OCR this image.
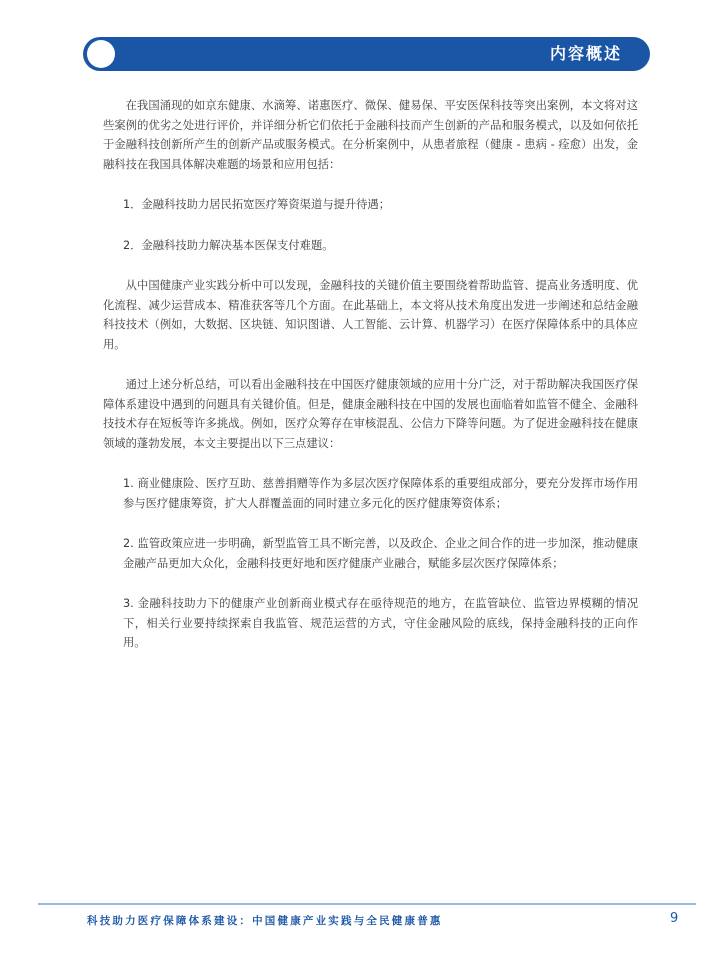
内容概述

在我国涌现的如京东健康、水滴筹、诺惠医疗、微保、健易保、平安医保科技等突出案例，本文将对这些案例的优劣之处进行评价，并详细分析它们依托于金融科技而产生创新的产品和服务模式，以及如何依托于金融科技创新所产生的创新产品或服务模式。在分析案例中，从患者旅程（健康 - 患病 - 痊愈）出发，金融科技在我国具体解决难题的场景和应用包括：

1．金融科技助力居民拓宽医疗筹资渠道与提升待遇；

2．金融科技助力解决基本医保支付难题。

从中国健康产业实践分析中可以发现，金融科技的关键价值主要围绕着帮助监管、提高业务透明度、优化流程、减少运营成本、精准获客等几个方面。在此基础上，本文将从技术角度出发进一步阐述和总结金融科技技术（例如，大数据、区块链、知识图谱、人工智能、云计算、机器学习）在医疗保障体系中的具体应用。

通过上述分析总结，可以看出金融科技在中国医疗健康领域的应用十分广泛，对于帮助解决我国医疗保障体系建设中遇到的问题具有关键价值。但是，健康金融科技在中国的发展也面临着如监管不健全、金融科技技术存在短板等许多挑战。例如，医疗众筹存在审核混乱、公信力下降等问题。为了促进金融科技在健康领域的蓬勃发展，本文主要提出以下三点建议：

1. 商业健康险、医疗互助、慈善捐赠等作为多层次医疗保障体系的重要组成部分，要充分发挥市场作用参与医疗健康筹资，扩大人群覆盖面的同时建立多元化的医疗健康筹资体系；

2. 监管政策应进一步明确，新型监管工具不断完善，以及政企、企业之间合作的进一步加深，推动健康金融产品更加大众化，金融科技更好地和医疗健康产业融合，赋能多层次医疗保障体系；

3. 金融科技助力下的健康产业创新商业模式存在亟待规范的地方，在监管缺位、监管边界模糊的情况下，相关行业要持续探索自我监管、规范运营的方式，守住金融风险的底线，保持金融科技的正向作用。

科技助力医疗保障体系建设：中国健康产业实践与全民健康普惠	9
